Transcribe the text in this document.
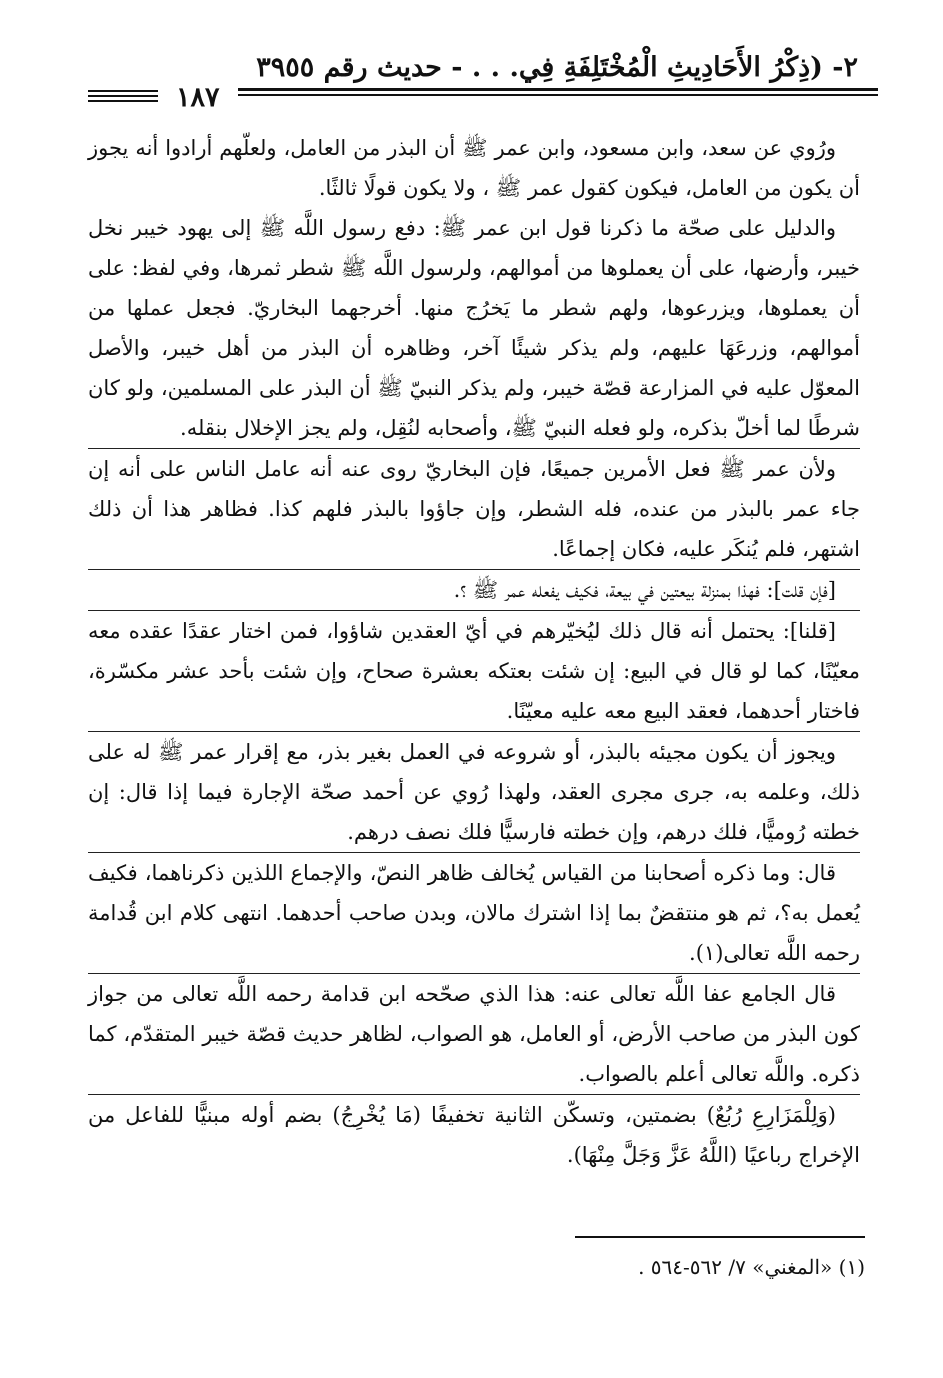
٢- (ذِكْرُ الأَحَادِيثِ الْمُخْتَلِفَةِ فِي. . . - حديث رقم ٣٩٥٥
١٨٧

ورُوي عن سعد، وابن مسعود، وابن عمر ﷺ أن البذر من العامل، ولعلّهم أرادوا أنه يجوز أن يكون من العامل، فيكون كقول عمر ﷺ ، ولا يكون قولًا ثالثًا.

والدليل على صحّة ما ذكرنا قول ابن عمر ﷺ: دفع رسول اللَّه ﷺ إلى يهود خيبر نخل خيبر، وأرضها، على أن يعملوها من أموالهم، ولرسول اللَّه ﷺ شطر ثمرها، وفي لفظ: على أن يعملوها، ويزرعوها، ولهم شطر ما يَخرُج منها. أخرجهما البخاريّ. فجعل عملها من أموالهم، وزرعَهَا عليهم، ولم يذكر شيئًا آخر، وظاهره أن البذر من أهل خيبر، والأصل المعوّل عليه في المزارعة قصّة خيبر، ولم يذكر النبيّ ﷺ أن البذر على المسلمين، ولو كان شرطًا لما أخلّ بذكره، ولو فعله النبيّ ﷺ، وأصحابه لنُقِل، ولم يجز الإخلال بنقله.

ولأن عمر ﷺ فعل الأمرين جميعًا، فإن البخاريّ روى عنه أنه عامل الناس على أنه إن جاء عمر بالبذر من عنده، فله الشطر، وإن جاؤوا بالبذر فلهم كذا. فظاهر هذا أن ذلك اشتهر، فلم يُنكَر عليه، فكان إجماعًا.

[فإن قلت]: فهذا بمنزلة بيعتين في بيعة، فكيف يفعله عمر ﷺ ؟.

[قلنا]: يحتمل أنه قال ذلك ليُخيّرهم في أيّ العقدين شاؤوا، فمن اختار عقدًا عقده معه معيّنًا، كما لو قال في البيع: إن شئت بعتكه بعشرة صحاح، وإن شئت بأحد عشر مكسّرة، فاختار أحدهما، فعقد البيع معه عليه معيّنًا.

ويجوز أن يكون مجيئه بالبذر، أو شروعه في العمل بغير بذر، مع إقرار عمر ﷺ له على ذلك، وعلمه به، جرى مجرى العقد، ولهذا رُوي عن أحمد صحّة الإجارة فيما إذا قال: إن خطته رُوميًّا، فلك درهم، وإن خطته فارسيًّا فلك نصف درهم.

قال: وما ذكره أصحابنا من القياس يُخالف ظاهر النصّ، والإجماع اللذين ذكرناهما، فكيف يُعمل به؟، ثم هو منتقضٌ بما إذا اشترك مالان، وبدن صاحب أحدهما. انتهى كلام ابن قُدامة رحمه اللَّه تعالى(١).

قال الجامع عفا اللَّه تعالى عنه: هذا الذي صحّحه ابن قدامة رحمه اللَّه تعالى من جواز كون البذر من صاحب الأرض، أو العامل، هو الصواب، لظاهر حديث قصّة خيبر المتقدّم، كما ذكره. واللَّه تعالى أعلم بالصواب.

(وَلِلْمَزَارِعِ رُبُعٌ) بضمتين، وتسكّن الثانية تخفيفًا (مَا يُخْرِجُ) بضم أوله مبنيًّا للفاعل من الإخراج رباعيًا (اللَّهُ عَزَّ وَجَلَّ مِنْهَا).

(١) «المغني» ٧/ ٥٦٢-٥٦٤ .
